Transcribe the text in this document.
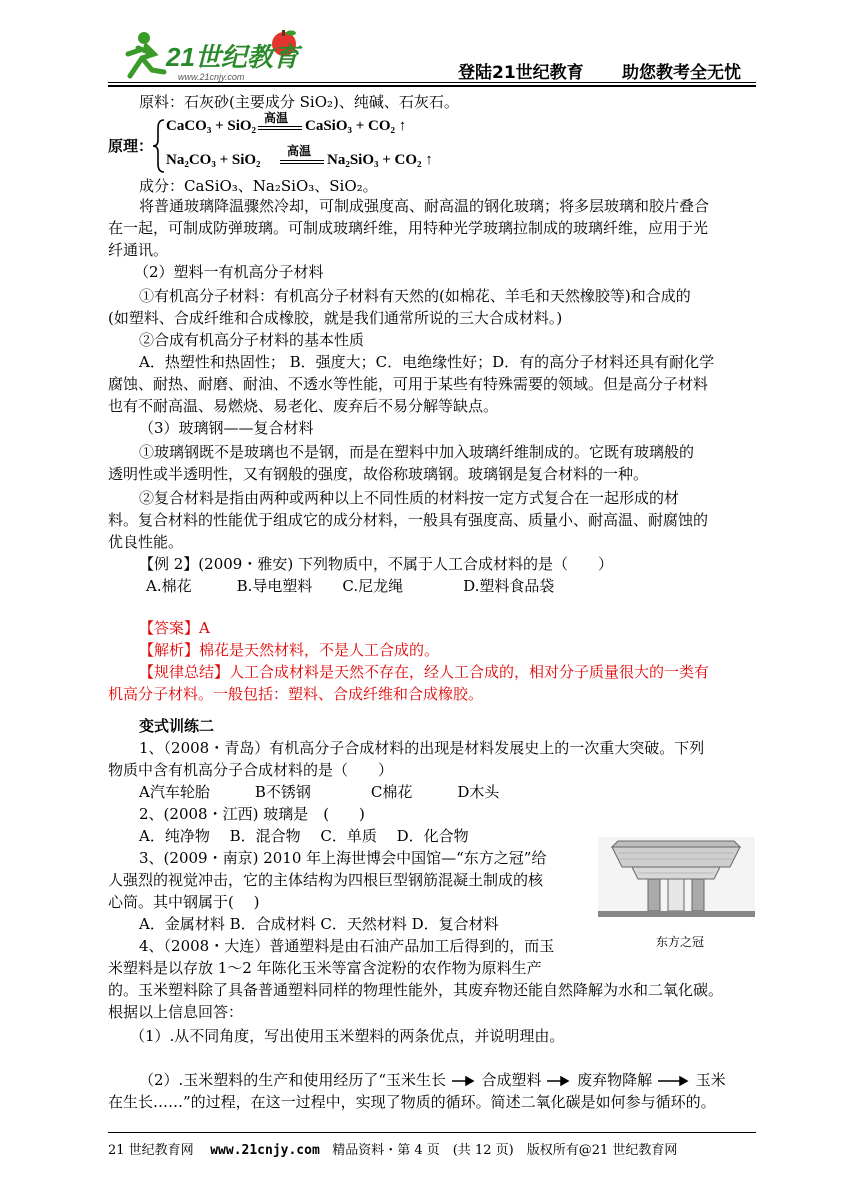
21世纪教育
www.21cnjy.com	登陆21世纪教育 助您教考全无忧
原料：石灰砂(主要成分 SiO₂)、纯碱、石灰石。
原理：
CaCO₃ + SiO₂ 高温 CaSiO₃ + CO₂ ↑
Na₂CO₃ + SiO₂
高温
Na₂SiO₃ + CO₂ ↑
成分：CaSiO₃、Na₂SiO₃、SiO₂。
将普通玻璃降温骤然冷却，可制成强度高、耐高温的钢化玻璃；将多层玻璃和胶片叠合
在一起，可制成防弹玻璃。可制成玻璃纤维，用特种光学玻璃拉制成的玻璃纤维，应用于光
纤通讯。
（2）塑料一有机高分子材料
①有机高分子材料：有机高分子材料有天然的(如棉花、羊毛和天然橡胶等)和合成的
(如塑料、合成纤维和合成橡胶，就是我们通常所说的三大合成材料。)
②合成有机高分子材料的基本性质
A．热塑性和热固性； B．强度大；C．电绝缘性好；D．有的高分子材料还具有耐化学
腐蚀、耐热、耐磨、耐油、不透水等性能，可用于某些有特殊需要的领域。但是高分子材料
也有不耐高温、易燃烧、易老化、废弃后不易分解等缺点。
（3）玻璃钢——复合材料
①玻璃钢既不是玻璃也不是钢，而是在塑料中加入玻璃纤维制成的。它既有玻璃般的
透明性或半透明性，又有钢般的强度，故俗称玻璃钢。玻璃钢是复合材料的一种。
②复合材料是指由两种或两种以上不同性质的材料按一定方式复合在一起形成的材
料。复合材料的性能优于组成它的成分材料，一般具有强度高、质量小、耐高温、耐腐蚀的
优良性能。
【例 2】(2009・雅安) 下列物质中，不属于人工合成材料的是（　　）
A.棉花　　　B.导电塑料　　C.尼龙绳　　　　D.塑料食品袋
【答案】A
【解析】棉花是天然材料，不是人工合成的。
【规律总结】人工合成材料是天然不存在，经人工合成的，相对分子质量很大的一类有
机高分子材料。一般包括：塑料、合成纤维和合成橡胶。
变式训练二
1、（2008・青岛）有机高分子合成材料的出现是材料发展史上的一次重大突破。下列
物质中含有机高分子合成材料的是（　　）
A汽车轮胎　　　B不锈钢　　　　C棉花　　　D木头
2、(2008・江西) 玻璃是　(　　)
A．纯净物　 B．混合物　 C．单质　 D．化合物
3、(2009・南京) 2010 年上海世博会中国馆—“东方之冠”给
人强烈的视觉冲击，它的主体结构为四根巨型钢筋混凝土制成的核
心筒。其中钢属于(　 )
A．金属材料 B．合成材料 C．天然材料 D．复合材料
4、（2008・大连）普通塑料是由石油产品加工后得到的，而玉
米塑料是以存放 1～2 年陈化玉米等富含淀粉的农作物为原料生产
的。玉米塑料除了具备普通塑料同样的物理性能外，其废弃物还能自然降解为水和二氧化碳。
根据以上信息回答：
（1）.从不同角度，写出使用玉米塑料的两条优点，并说明理由。
（2）.玉米塑料的生产和使用经历了“玉米生长 合成塑料 废弃物降解	玉米
在生长……”的过程，在这一过程中，实现了物质的循环。简述二氧化碳是如何参与循环的。
东方之冠
21 世纪教育网 www.21cnjy.com 精品资料・第 4 页　(共 12 页)　版权所有@21 世纪教育网
